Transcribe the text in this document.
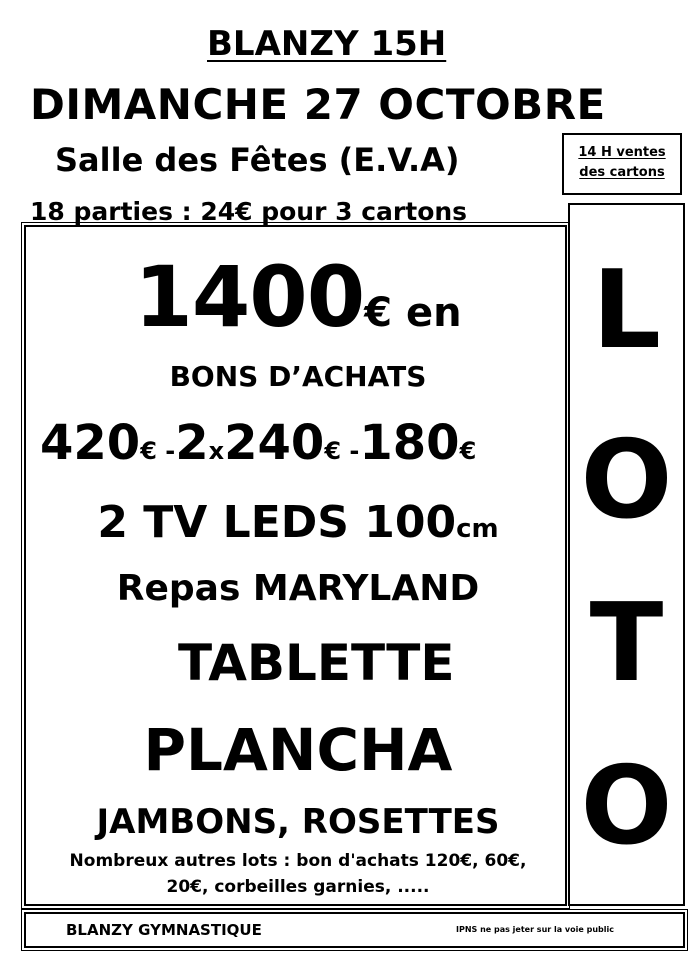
BLANZY 15H
DIMANCHE 27 OCTOBRE
Salle des Fêtes (E.V.A)
18 parties : 24€ pour 3 cartons
14 H ventes
des cartons
L
O
T
O
1400€ en
BONS D’ACHATS
420€ -2x240€ -180€
2 TV LEDS 100cm
Repas MARYLAND
TABLETTE
PLANCHA
JAMBONS, ROSETTES
Nombreux autres lots : bon d'achats 120€, 60€,
20€, corbeilles garnies, .....
BLANZY GYMNASTIQUE	IPNS ne pas jeter sur la voie public
